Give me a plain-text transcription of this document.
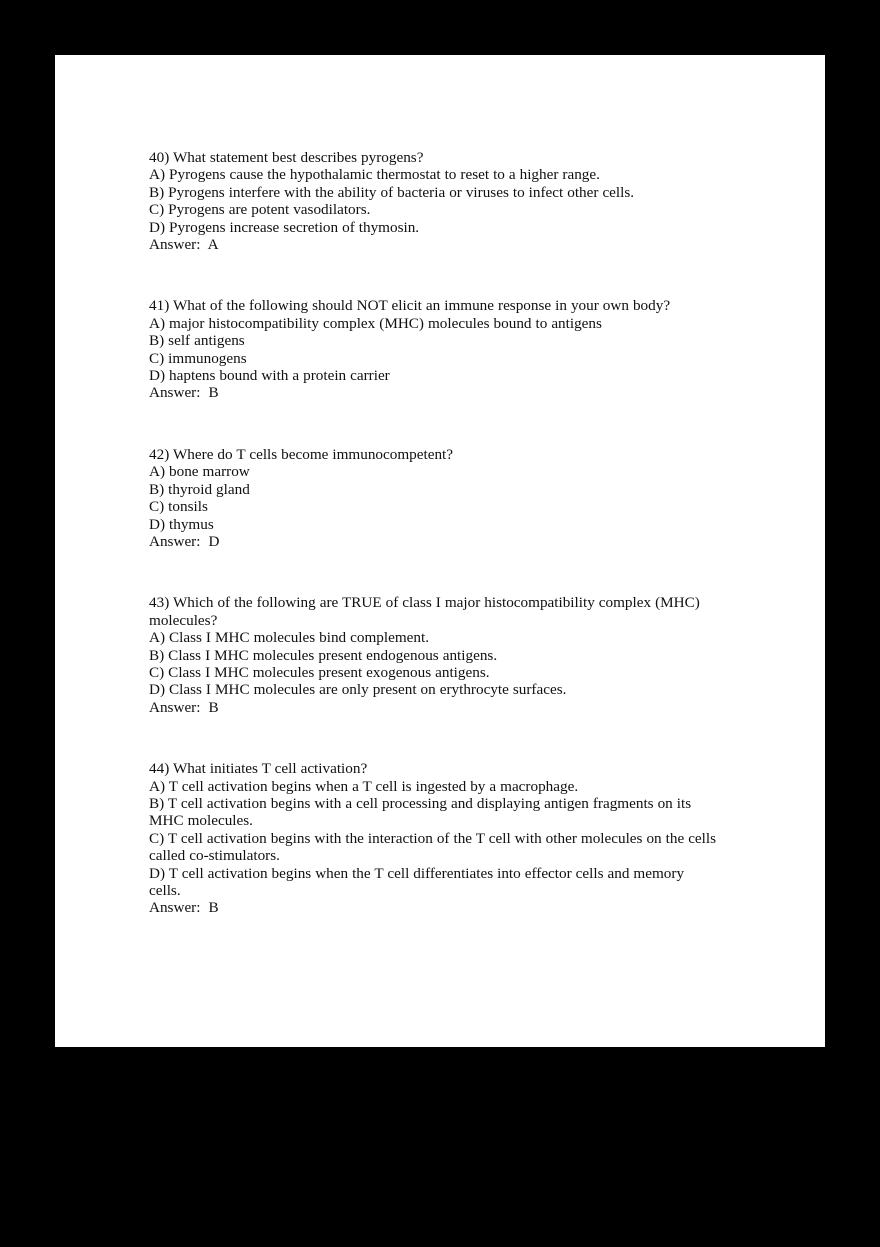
40) What statement best describes pyrogens?
A) Pyrogens cause the hypothalamic thermostat to reset to a higher range.
B) Pyrogens interfere with the ability of bacteria or viruses to infect other cells.
C) Pyrogens are potent vasodilators.
D) Pyrogens increase secretion of thymosin.
Answer:  A
41) What of the following should NOT elicit an immune response in your own body?
A) major histocompatibility complex (MHC) molecules bound to antigens
B) self antigens
C) immunogens
D) haptens bound with a protein carrier
Answer:  B
42) Where do T cells become immunocompetent?
A) bone marrow
B) thyroid gland
C) tonsils
D) thymus
Answer:  D
43) Which of the following are TRUE of class I major histocompatibility complex (MHC) molecules?
A) Class I MHC molecules bind complement.
B) Class I MHC molecules present endogenous antigens.
C) Class I MHC molecules present exogenous antigens.
D) Class I MHC molecules are only present on erythrocyte surfaces.
Answer:  B
44) What initiates T cell activation?
A) T cell activation begins when a T cell is ingested by a macrophage.
B) T cell activation begins with a cell processing and displaying antigen fragments on its MHC molecules.
C) T cell activation begins with the interaction of the T cell with other molecules on the cells called co-stimulators.
D) T cell activation begins when the T cell differentiates into effector cells and memory cells.
Answer:  B
